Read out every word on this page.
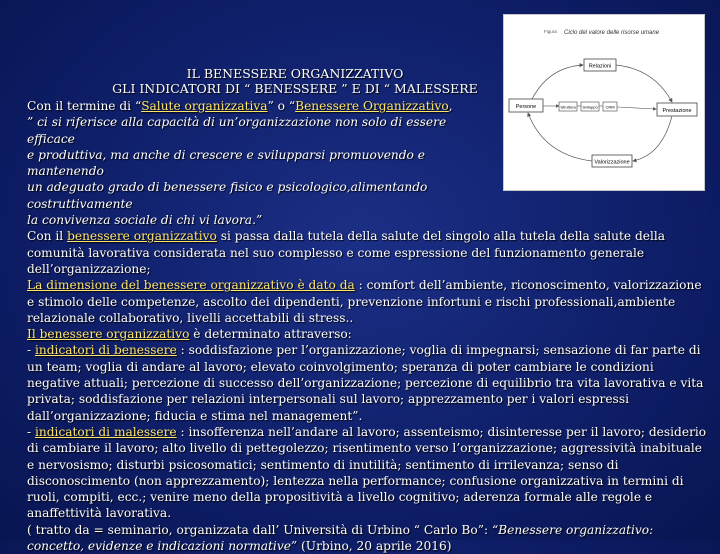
IL BENESSERE ORGANIZZATIVO
GLI INDICATORI DI “ BENESSERE ” E DI “ MALESSERE
Figura Ciclo del valore delle risorse umane
Relazioni
Persone	Struttura Sviluppo CRM
Prestazione
Valorizzazione

Con il termine di “Salute organizzativa” o “Benessere Organizzativo,
” ci si riferisce alla capacità di un’organizzazione non solo di essere efficace
e produttiva, ma anche di crescere e svilupparsi promuovendo e mantenendo
un adeguato grado di benessere fisico e psicologico,alimentando costruttivamente
la convivenza sociale di chi vi lavora.”

Con il benessere organizzativo si passa dalla tutela della salute del singolo alla tutela della salute della comunità lavorativa considerata nel suo complesso e come espressione del funzionamento generale dell’organizzazione;

La dimensione del benessere organizzativo è dato da : comfort dell’ambiente, riconoscimento, valorizzazione e stimolo delle competenze, ascolto dei dipendenti, prevenzione infortuni e rischi professionali,ambiente relazionale collaborativo, livelli accettabili di stress..

Il benessere organizzativo è determinato attraverso:

- indicatori di benessere : soddisfazione per l’organizzazione; voglia di impegnarsi; sensazione di far parte di un team; voglia di andare al lavoro; elevato coinvolgimento; speranza di poter cambiare le condizioni negative attuali; percezione di successo dell’organizzazione; percezione di equilibrio tra vita lavorativa e vita privata; soddisfazione per relazioni interpersonali sul lavoro; apprezzamento per i valori espressi dall’organizzazione; fiducia e stima nel management”.

- indicatori di malessere : insofferenza nell’andare al lavoro; assenteismo; disinteresse per il lavoro; desiderio di cambiare il lavoro; alto livello di pettegolezzo; risentimento verso l’organizzazione; aggressività inabituale e nervosismo; disturbi psicosomatici; sentimento di inutilità; sentimento di irrilevanza; senso di disconoscimento (non apprezzamento); lentezza nella performance; confusione organizzativa in termini di ruoli, compiti, ecc.; venire meno della propositività a livello cognitivo; aderenza formale alle regole e anaffettività lavorativa.

( tratto da = seminario, organizzata dall’ Università di Urbino “ Carlo Bo”: “Benessere organizzativo: concetto, evidenze e indicazioni normative” (Urbino, 20 aprile 2016)
